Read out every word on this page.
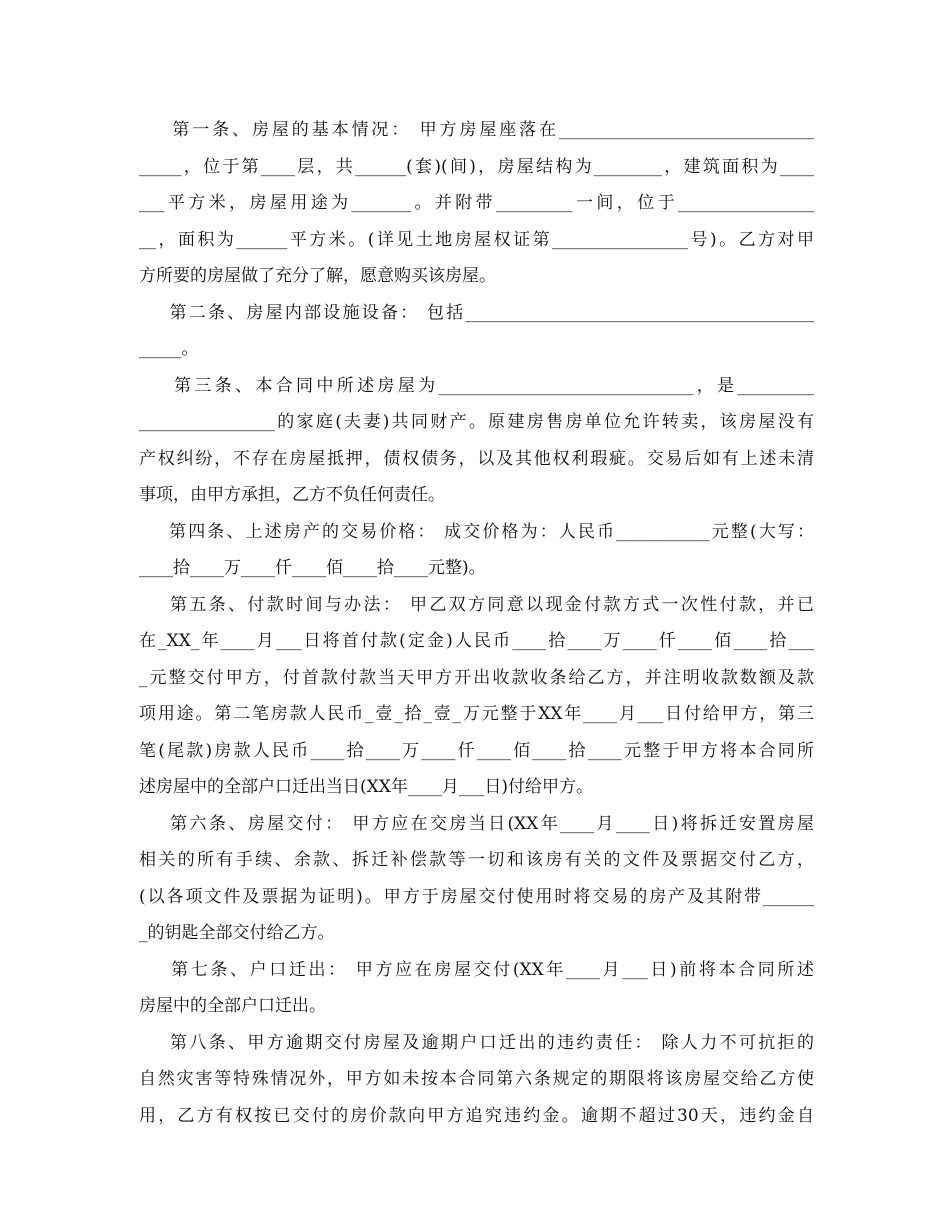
第一条、房屋的基本情况： 甲方房屋座落在______________________________
_____，位于第____层，共______(套)(间)，房屋结构为________，建筑面积为____
___平方米，房屋用途为_______。并附带_________一间，位于________________
__，面积为______平方米。(详见土地房屋权证第________________号)。乙方对甲
方所要的房屋做了充分了解，愿意购买该房屋。
第二条、房屋内部设施设备： 包括_________________________________________
_____。
第三条、本合同中所述房屋为______________________________，是_________
________________的家庭(夫妻)共同财产。原建房售房单位允许转卖，该房屋没有
产权纠纷，不存在房屋抵押，债权债务，以及其他权利瑕疵。交易后如有上述未清
事项，由甲方承担，乙方不负任何责任。
第四条、上述房产的交易价格： 成交价格为：人民币___________元整(大写：
____拾____万____仟____佰____拾____元整)。
第五条、付款时间与办法： 甲乙双方同意以现金付款方式一次性付款，并已
在_XX_年____月___日将首付款(定金)人民币____拾____万____仟____佰____拾___
_元整交付甲方，付首款付款当天甲方开出收款收条给乙方，并注明收款数额及款
项用途。第二笔房款人民币_壹_拾_壹_万元整于XX年____月___日付给甲方，第三
笔(尾款)房款人民币____拾____万____仟____佰____拾____元整于甲方将本合同所
述房屋中的全部户口迁出当日(XX年____月___日)付给甲方。
第六条、房屋交付： 甲方应在交房当日(XX年____月____日)将拆迁安置房屋
相关的所有手续、余款、拆迁补偿款等一切和该房有关的文件及票据交付乙方，
(以各项文件及票据为证明)。甲方于房屋交付使用时将交易的房产及其附带______
_的钥匙全部交付给乙方。
第七条、户口迁出： 甲方应在房屋交付(XX年____月___日)前将本合同所述
房屋中的全部户口迁出。
第八条、甲方逾期交付房屋及逾期户口迁出的违约责任： 除人力不可抗拒的
自然灾害等特殊情况外，甲方如未按本合同第六条规定的期限将该房屋交给乙方使
用，乙方有权按已交付的房价款向甲方追究违约金。逾期不超过30天，违约金自
